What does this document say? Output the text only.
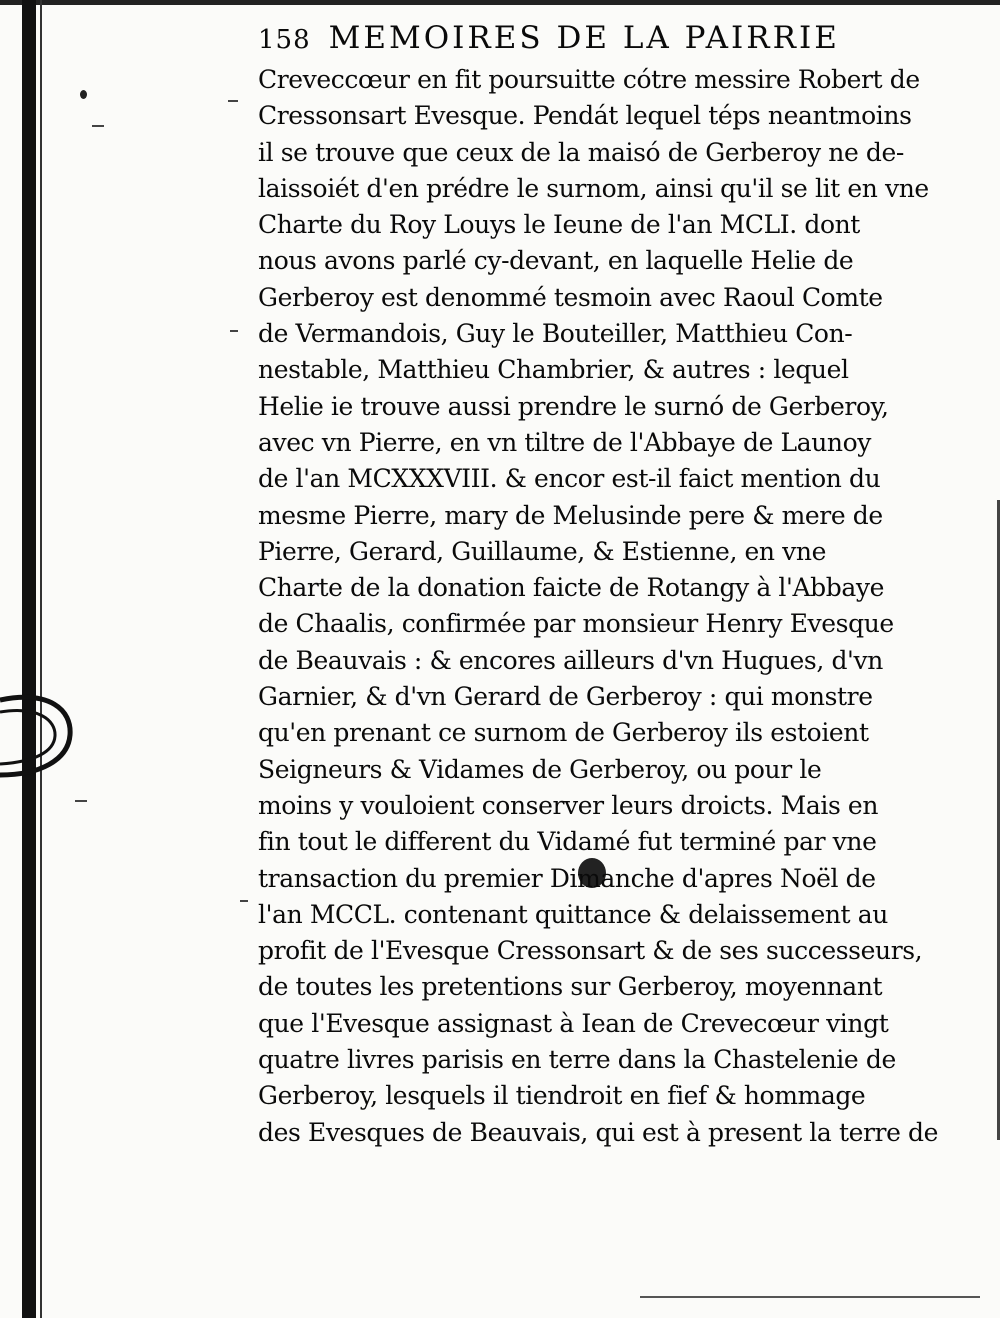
158 MEMOIRES DE LA PAIRRIE
Creveccœur en fit poursuitte cótre messire Robert de
Cressonsart Evesque. Pendát lequel téps neantmoins
il se trouve que ceux de la maisó de Gerberoy ne de-
laissoiét d'en prédre le surnom, ainsi qu'il se lit en vne
Charte du Roy Louys le Ieune de l'an MCLI. dont
nous avons parlé cy-devant, en laquelle Helie de
Gerberoy est denommé tesmoin avec Raoul Comte
de Vermandois, Guy le Bouteiller, Matthieu Con-
nestable, Matthieu Chambrier, & autres : lequel
Helie ie trouve aussi prendre le surnó de Gerberoy,
avec vn Pierre, en vn tiltre de l'Abbaye de Launoy
de l'an MCXXXVIII. & encor est-il faict mention du
mesme Pierre, mary de Melusinde pere & mere de
Pierre, Gerard, Guillaume, & Estienne, en vne
Charte de la donation faicte de Rotangy à l'Abbaye
de Chaalis, confirmée par monsieur Henry Evesque
de Beauvais : & encores ailleurs d'vn Hugues, d'vn
Garnier, & d'vn Gerard de Gerberoy : qui monstre
qu'en prenant ce surnom de Gerberoy ils estoient
Seigneurs & Vidames de Gerberoy, ou pour le
moins y vouloient conserver leurs droicts. Mais en
fin tout le different du Vidamé fut terminé par vne
transaction du premier Dimanche d'apres Noël de
l'an MCCL. contenant quittance & delaissement au
profit de l'Evesque Cressonsart & de ses successeurs,
de toutes les pretentions sur Gerberoy, moyennant
que l'Evesque assignast à Iean de Crevecœur vingt
quatre livres parisis en terre dans la Chastelenie de
Gerberoy, lesquels il tiendroit en fief & hommage
des Evesques de Beauvais, qui est à present la terre de
